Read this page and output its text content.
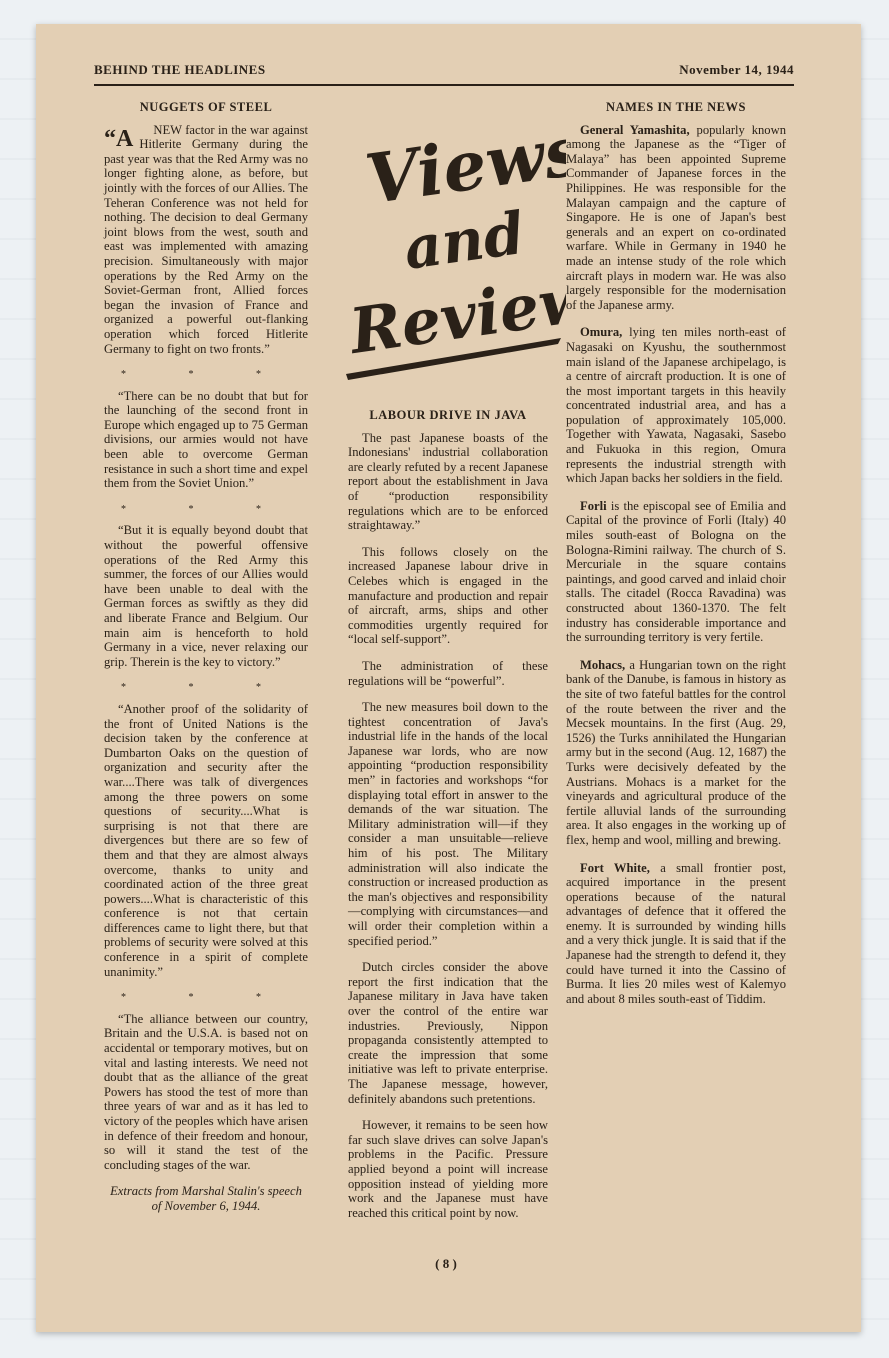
BEHIND THE HEADLINES	November 14, 1944
NUGGETS OF STEEL

“A NEW factor in the war against Hitlerite Germany during the past year was that the Red Army was no longer fighting alone, as before, but jointly with the forces of our Allies. The Teheran Conference was not held for nothing. The decision to deal Germany joint blows from the west, south and east was implemented with amazing precision. Simultaneously with major operations by the Red Army on the Soviet-German front, Allied forces began the invasion of France and organized a powerful out-flanking operation which forced Hitlerite Germany to fight on two fronts.”

* * *

“There can be no doubt that but for the launching of the second front in Europe which engaged up to 75 German divisions, our armies would not have been able to overcome German resistance in such a short time and expel them from the Soviet Union.”

* * *

“But it is equally beyond doubt that without the powerful offensive operations of the Red Army this summer, the forces of our Allies would have been unable to deal with the German forces as swiftly as they did and liberate France and Belgium. Our main aim is henceforth to hold Germany in a vice, never relaxing our grip. Therein is the key to victory.”

* * *

“Another proof of the solidarity of the front of United Nations is the decision taken by the conference at Dumbarton Oaks on the question of organization and security after the war....There was talk of divergences among the three powers on some questions of security....What is surprising is not that there are divergences but there are so few of them and that they are almost always overcome, thanks to unity and coordinated action of the three great powers....What is characteristic of this conference is not that certain differences came to light there, but that problems of security were solved at this conference in a spirit of complete unanimity.”

* * *

“The alliance between our country, Britain and the U.S.A. is based not on accidental or temporary motives, but on vital and lasting interests. We need not doubt that as the alliance of the great Powers has stood the test of more than three years of war and as it has led to victory of the peoples which have arisen in defence of their freedom and honour, so will it stand the test of the concluding stages of the war.

Extracts from Marshal Stalin's speech of November 6, 1944.

Views
and
Reviews
LABOUR DRIVE IN JAVA

The past Japanese boasts of the Indonesians' industrial collaboration are clearly refuted by a recent Japanese report about the establishment in Java of “production responsibility regulations which are to be enforced straightaway.”

This follows closely on the increased Japanese labour drive in Celebes which is engaged in the manufacture and production and repair of aircraft, arms, ships and other commodities urgently required for “local self-support”.

The administration of these regulations will be “powerful”.

The new measures boil down to the tightest concentration of Java's industrial life in the hands of the local Japanese war lords, who are now appointing “production responsibility men” in factories and workshops “for displaying total effort in answer to the demands of the war situation. The Military administration will—if they consider a man unsuitable—relieve him of his post. The Military administration will also indicate the construction or increased production as the man's objectives and responsibility—complying with circumstances—and will order their completion within a specified period.”

Dutch circles consider the above report the first indication that the Japanese military in Java have taken over the control of the entire war industries. Previously, Nippon propaganda consistently attempted to create the impression that some initiative was left to private enterprise. The Japanese message, however, definitely abandons such pretentions.

However, it remains to be seen how far such slave drives can solve Japan's problems in the Pacific. Pressure applied beyond a point will increase opposition instead of yielding more work and the Japanese must have reached this critical point by now.

NAMES IN THE NEWS

General Yamashita, popularly known among the Japanese as the “Tiger of Malaya” has been appointed Supreme Commander of Japanese forces in the Philippines. He was responsible for the Malayan campaign and the capture of Singapore. He is one of Japan's best generals and an expert on co-ordinated warfare. While in Germany in 1940 he made an intense study of the role which aircraft plays in modern war. He was also largely responsible for the modernisation of the Japanese army.

Omura, lying ten miles north-east of Nagasaki on Kyushu, the southernmost main island of the Japanese archipelago, is a centre of aircraft production. It is one of the most important targets in this heavily concentrated industrial area, and has a population of approximately 105,000. Together with Yawata, Nagasaki, Sasebo and Fukuoka in this region, Omura represents the industrial strength with which Japan backs her soldiers in the field.

Forli is the episcopal see of Emilia and Capital of the province of Forli (Italy) 40 miles south-east of Bologna on the Bologna-Rimini railway. The church of S. Mercuriale in the square contains paintings, and good carved and inlaid choir stalls. The citadel (Rocca Ravadina) was constructed about 1360-1370. The felt industry has considerable importance and the surrounding territory is very fertile.

Mohacs, a Hungarian town on the right bank of the Danube, is famous in history as the site of two fateful battles for the control of the route between the river and the Mecsek mountains. In the first (Aug. 29, 1526) the Turks annihilated the Hungarian army but in the second (Aug. 12, 1687) the Turks were decisively defeated by the Austrians. Mohacs is a market for the vineyards and agricultural produce of the fertile alluvial lands of the surrounding area. It also engages in the working up of flex, hemp and wool, milling and brewing.

Fort White, a small frontier post, acquired importance in the present operations because of the natural advantages of defence that it offered the enemy. It is surrounded by winding hills and a very thick jungle. It is said that if the Japanese had the strength to defend it, they could have turned it into the Cassino of Burma. It lies 20 miles west of Kalemyo and about 8 miles south-east of Tiddim.

( 8 )
